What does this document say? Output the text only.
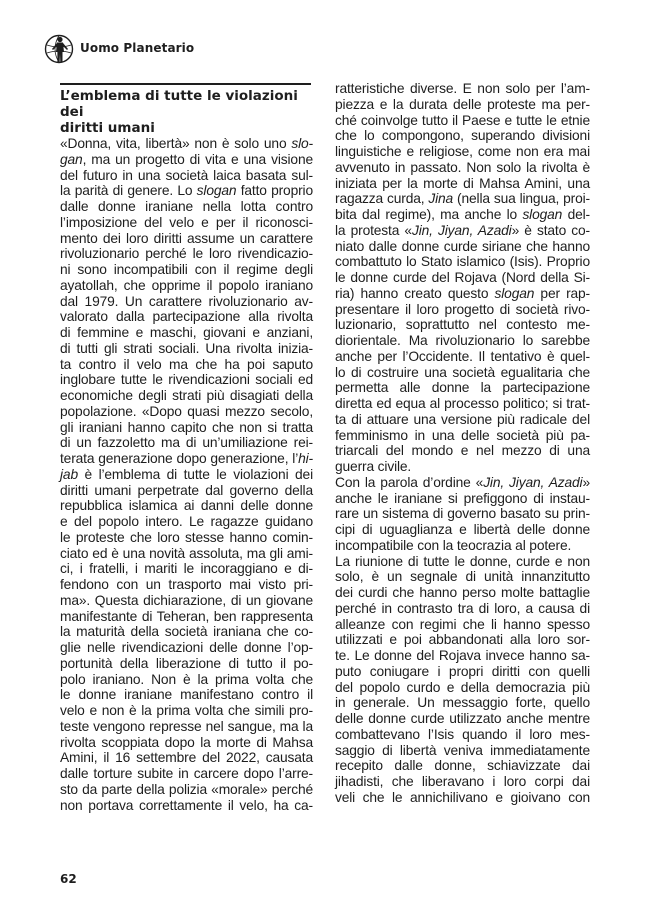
Uomo Planetario
L’emblema di tutte le violazioni dei
diritti umani
«Donna, vita, libertà» non è solo uno slo-
gan, ma un progetto di vita e una visione
del futuro in una società laica basata sul-
la parità di genere. Lo slogan fatto proprio
dalle donne iraniane nella lotta contro
l’imposizione del velo e per il riconosci-
mento dei loro diritti assume un carattere
rivoluzionario perché le loro rivendicazio-
ni sono incompatibili con il regime degli
ayatollah, che opprime il popolo iraniano
dal 1979. Un carattere rivoluzionario av-
valorato dalla partecipazione alla rivolta
di femmine e maschi, giovani e anziani,
di tutti gli strati sociali. Una rivolta inizia-
ta contro il velo ma che ha poi saputo
inglobare tutte le rivendicazioni sociali ed
economiche degli strati più disagiati della
popolazione. «Dopo quasi mezzo secolo,
gli iraniani hanno capito che non si tratta
di un fazzoletto ma di un’umiliazione rei-
terata generazione dopo generazione, l’hi-
jab è l’emblema di tutte le violazioni dei
diritti umani perpetrate dal governo della
repubblica islamica ai danni delle donne
e del popolo intero. Le ragazze guidano
le proteste che loro stesse hanno comin-
ciato ed è una novità assoluta, ma gli ami-
ci, i fratelli, i mariti le incoraggiano e di-
fendono con un trasporto mai visto pri-
ma». Questa dichiarazione, di un giovane
manifestante di Teheran, ben rappresenta
la maturità della società iraniana che co-
glie nelle rivendicazioni delle donne l’op-
portunità della liberazione di tutto il po-
polo iraniano. Non è la prima volta che
le donne iraniane manifestano contro il
velo e non è la prima volta che simili pro-
teste vengono represse nel sangue, ma la
rivolta scoppiata dopo la morte di Mahsa
Amini, il 16 settembre del 2022, causata
dalle torture subite in carcere dopo l’arre-
sto da parte della polizia «morale» perché
non portava correttamente il velo, ha ca-
ratteristiche diverse. E non solo per l’am-
piezza e la durata delle proteste ma per-
ché coinvolge tutto il Paese e tutte le etnie
che lo compongono, superando divisioni
linguistiche e religiose, come non era mai
avvenuto in passato. Non solo la rivolta è
iniziata per la morte di Mahsa Amini, una
ragazza curda, Jina (nella sua lingua, proi-
bita dal regime), ma anche lo slogan del-
la protesta «Jin, Jiyan, Azadi» è stato co-
niato dalle donne curde siriane che hanno
combattuto lo Stato islamico (Isis). Proprio
le donne curde del Rojava (Nord della Si-
ria) hanno creato questo slogan per rap-
presentare il loro progetto di società rivo-
luzionario, soprattutto nel contesto me-
diorientale. Ma rivoluzionario lo sarebbe
anche per l’Occidente. Il tentativo è quel-
lo di costruire una società egualitaria che
permetta alle donne la partecipazione
diretta ed equa al processo politico; si trat-
ta di attuare una versione più radicale del
femminismo in una delle società più pa-
triarcali del mondo e nel mezzo di una
guerra civile.
Con la parola d’ordine «Jin, Jiyan, Azadi»
anche le iraniane si prefiggono di instau-
rare un sistema di governo basato su prin-
cipi di uguaglianza e libertà delle donne
incompatibile con la teocrazia al potere.
La riunione di tutte le donne, curde e non
solo, è un segnale di unità innanzitutto
dei curdi che hanno perso molte battaglie
perché in contrasto tra di loro, a causa di
alleanze con regimi che li hanno spesso
utilizzati e poi abbandonati alla loro sor-
te. Le donne del Rojava invece hanno sa-
puto coniugare i propri diritti con quelli
del popolo curdo e della democrazia più
in generale. Un messaggio forte, quello
delle donne curde utilizzato anche mentre
combattevano l’Isis quando il loro mes-
saggio di libertà veniva immediatamente
recepito dalle donne, schiavizzate dai
jihadisti, che liberavano i loro corpi dai
veli che le annichilivano e gioivano con
62
